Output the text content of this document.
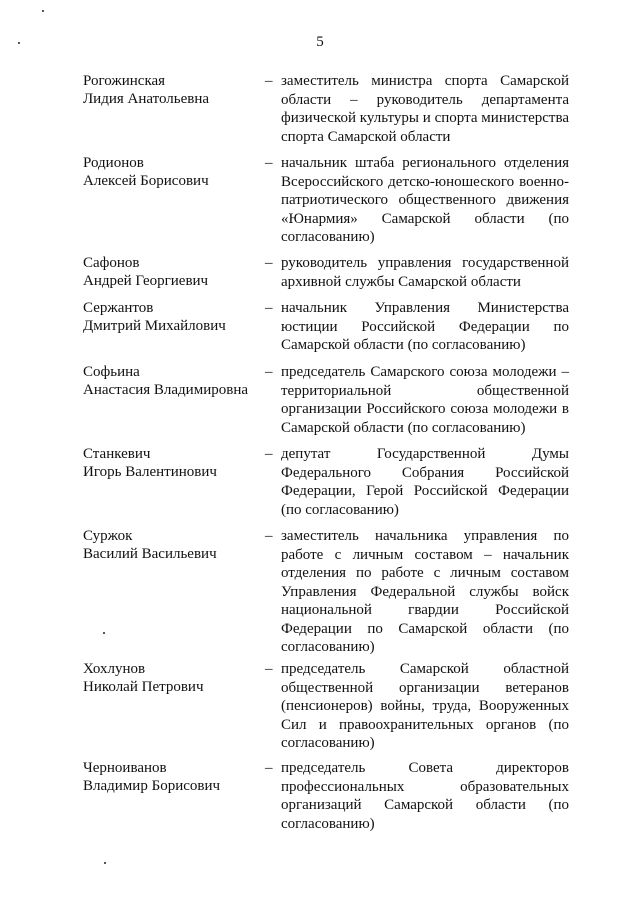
5
Рогожинская
Лидия Анатольевна
– заместитель министра спорта Самарской области – руководитель департамента физической культуры и спорта министерства спорта Самарской области
Родионов
Алексей Борисович
– начальник штаба регионального отделения Всероссийского детско-юношеского военно-патриотического общественного движения «Юнармия» Самарской области (по согласованию)
Сафонов
Андрей Георгиевич
– руководитель управления государственной архивной службы Самарской области
Сержантов
Дмитрий Михайлович
– начальник Управления Министерства юстиции Российской Федерации по Самарской области (по согласованию)
Софьина
Анастасия Владимировна
– председатель Самарского союза молодежи – территориальной общественной организации Российского союза молодежи в Самарской области (по согласованию)
Станкевич
Игорь Валентинович
– депутат Государственной Думы Федерального Собрания Российской Федерации, Герой Российской Федерации (по согласованию)
Суржок
Василий Васильевич
– заместитель начальника управления по работе с личным составом – начальник отделения по работе с личным составом Управления Федеральной службы войск национальной гвардии Российской Федерации по Самарской области (по согласованию)
Хохлунов
Николай Петрович
– председатель Самарской областной общественной организации ветеранов (пенсионеров) войны, труда, Вооруженных Сил и правоохранительных органов (по согласованию)
Черноиванов
Владимир Борисович
– председатель Совета директоров профессиональных образовательных организаций Самарской области (по согласованию)
